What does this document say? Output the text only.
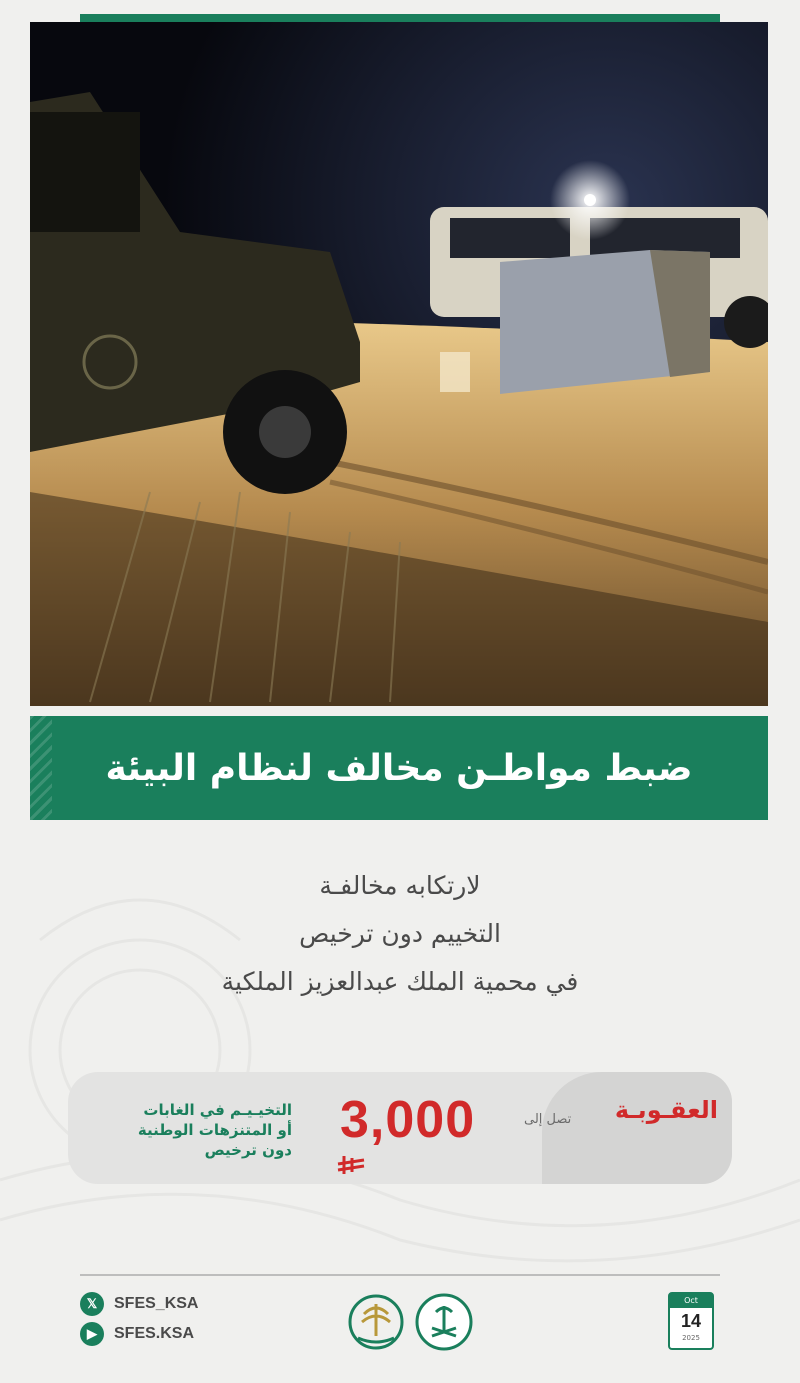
ضبط مواطـن مخالف لنظام البيئة
لارتكابه مخالفـة
التخييم دون ترخيص
في محمية الملك عبدالعزيز الملكية
العقـوبـة
تصل إلى
3,000
التخيـيـم في الغابات
أو المتنزهات الوطنية
دون ترخيص
𝕏	SFES_KSA
▶	SFES.KSA
Oct
14
2025
